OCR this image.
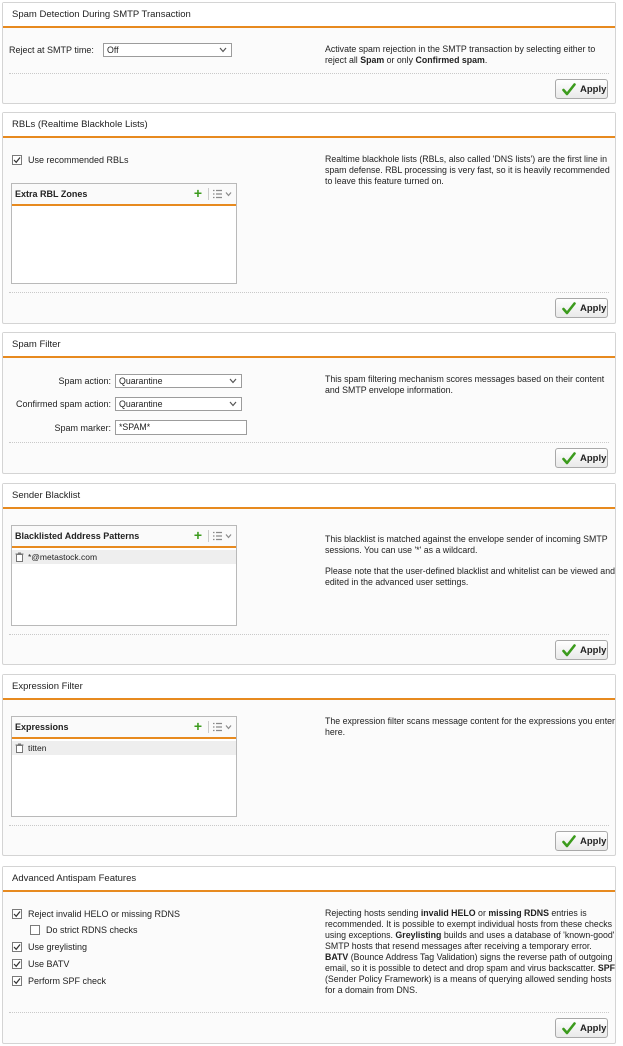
Spam Detection During SMTP Transaction
Reject at SMTP time:	Off	Activate spam rejection in the SMTP transaction by selecting either to reject all Spam or only Confirmed spam.
Apply
RBLs (Realtime Blackhole Lists)
Use recommended RBLs
Extra RBL Zones	+
Realtime blackhole lists (RBLs, also called 'DNS lists') are the first line in spam defense. RBL processing is very fast, so it is heavily recommended to leave this feature turned on.
Apply
Spam Filter
Spam action: Quarantine
Confirmed spam action: Quarantine
Spam marker: *SPAM*
This spam filtering mechanism scores messages based on their content and SMTP envelope information.
Apply
Sender Blacklist
Blacklisted Address Patterns	+
*@metastock.com
This blacklist is matched against the envelope sender of incoming SMTP sessions. You can use '*' as a wildcard.
Please note that the user-defined blacklist and whitelist can be viewed and edited in the advanced user settings.
Apply
Expression Filter
Expressions	+
titten
The expression filter scans message content for the expressions you enter here.
Apply
Advanced Antispam Features
Reject invalid HELO or missing RDNS
Do strict RDNS checks
Use greylisting
Use BATV
Perform SPF check
Rejecting hosts sending invalid HELO or missing RDNS entries is recommended. It is possible to exempt individual hosts from these checks using exceptions. Greylisting builds and uses a database of 'known-good' SMTP hosts that resend messages after receiving a temporary error. BATV (Bounce Address Tag Validation) signs the reverse path of outgoing email, so it is possible to detect and drop spam and virus backscatter. SPF (Sender Policy Framework) is a means of querying allowed sending hosts for a domain from DNS.
Apply
